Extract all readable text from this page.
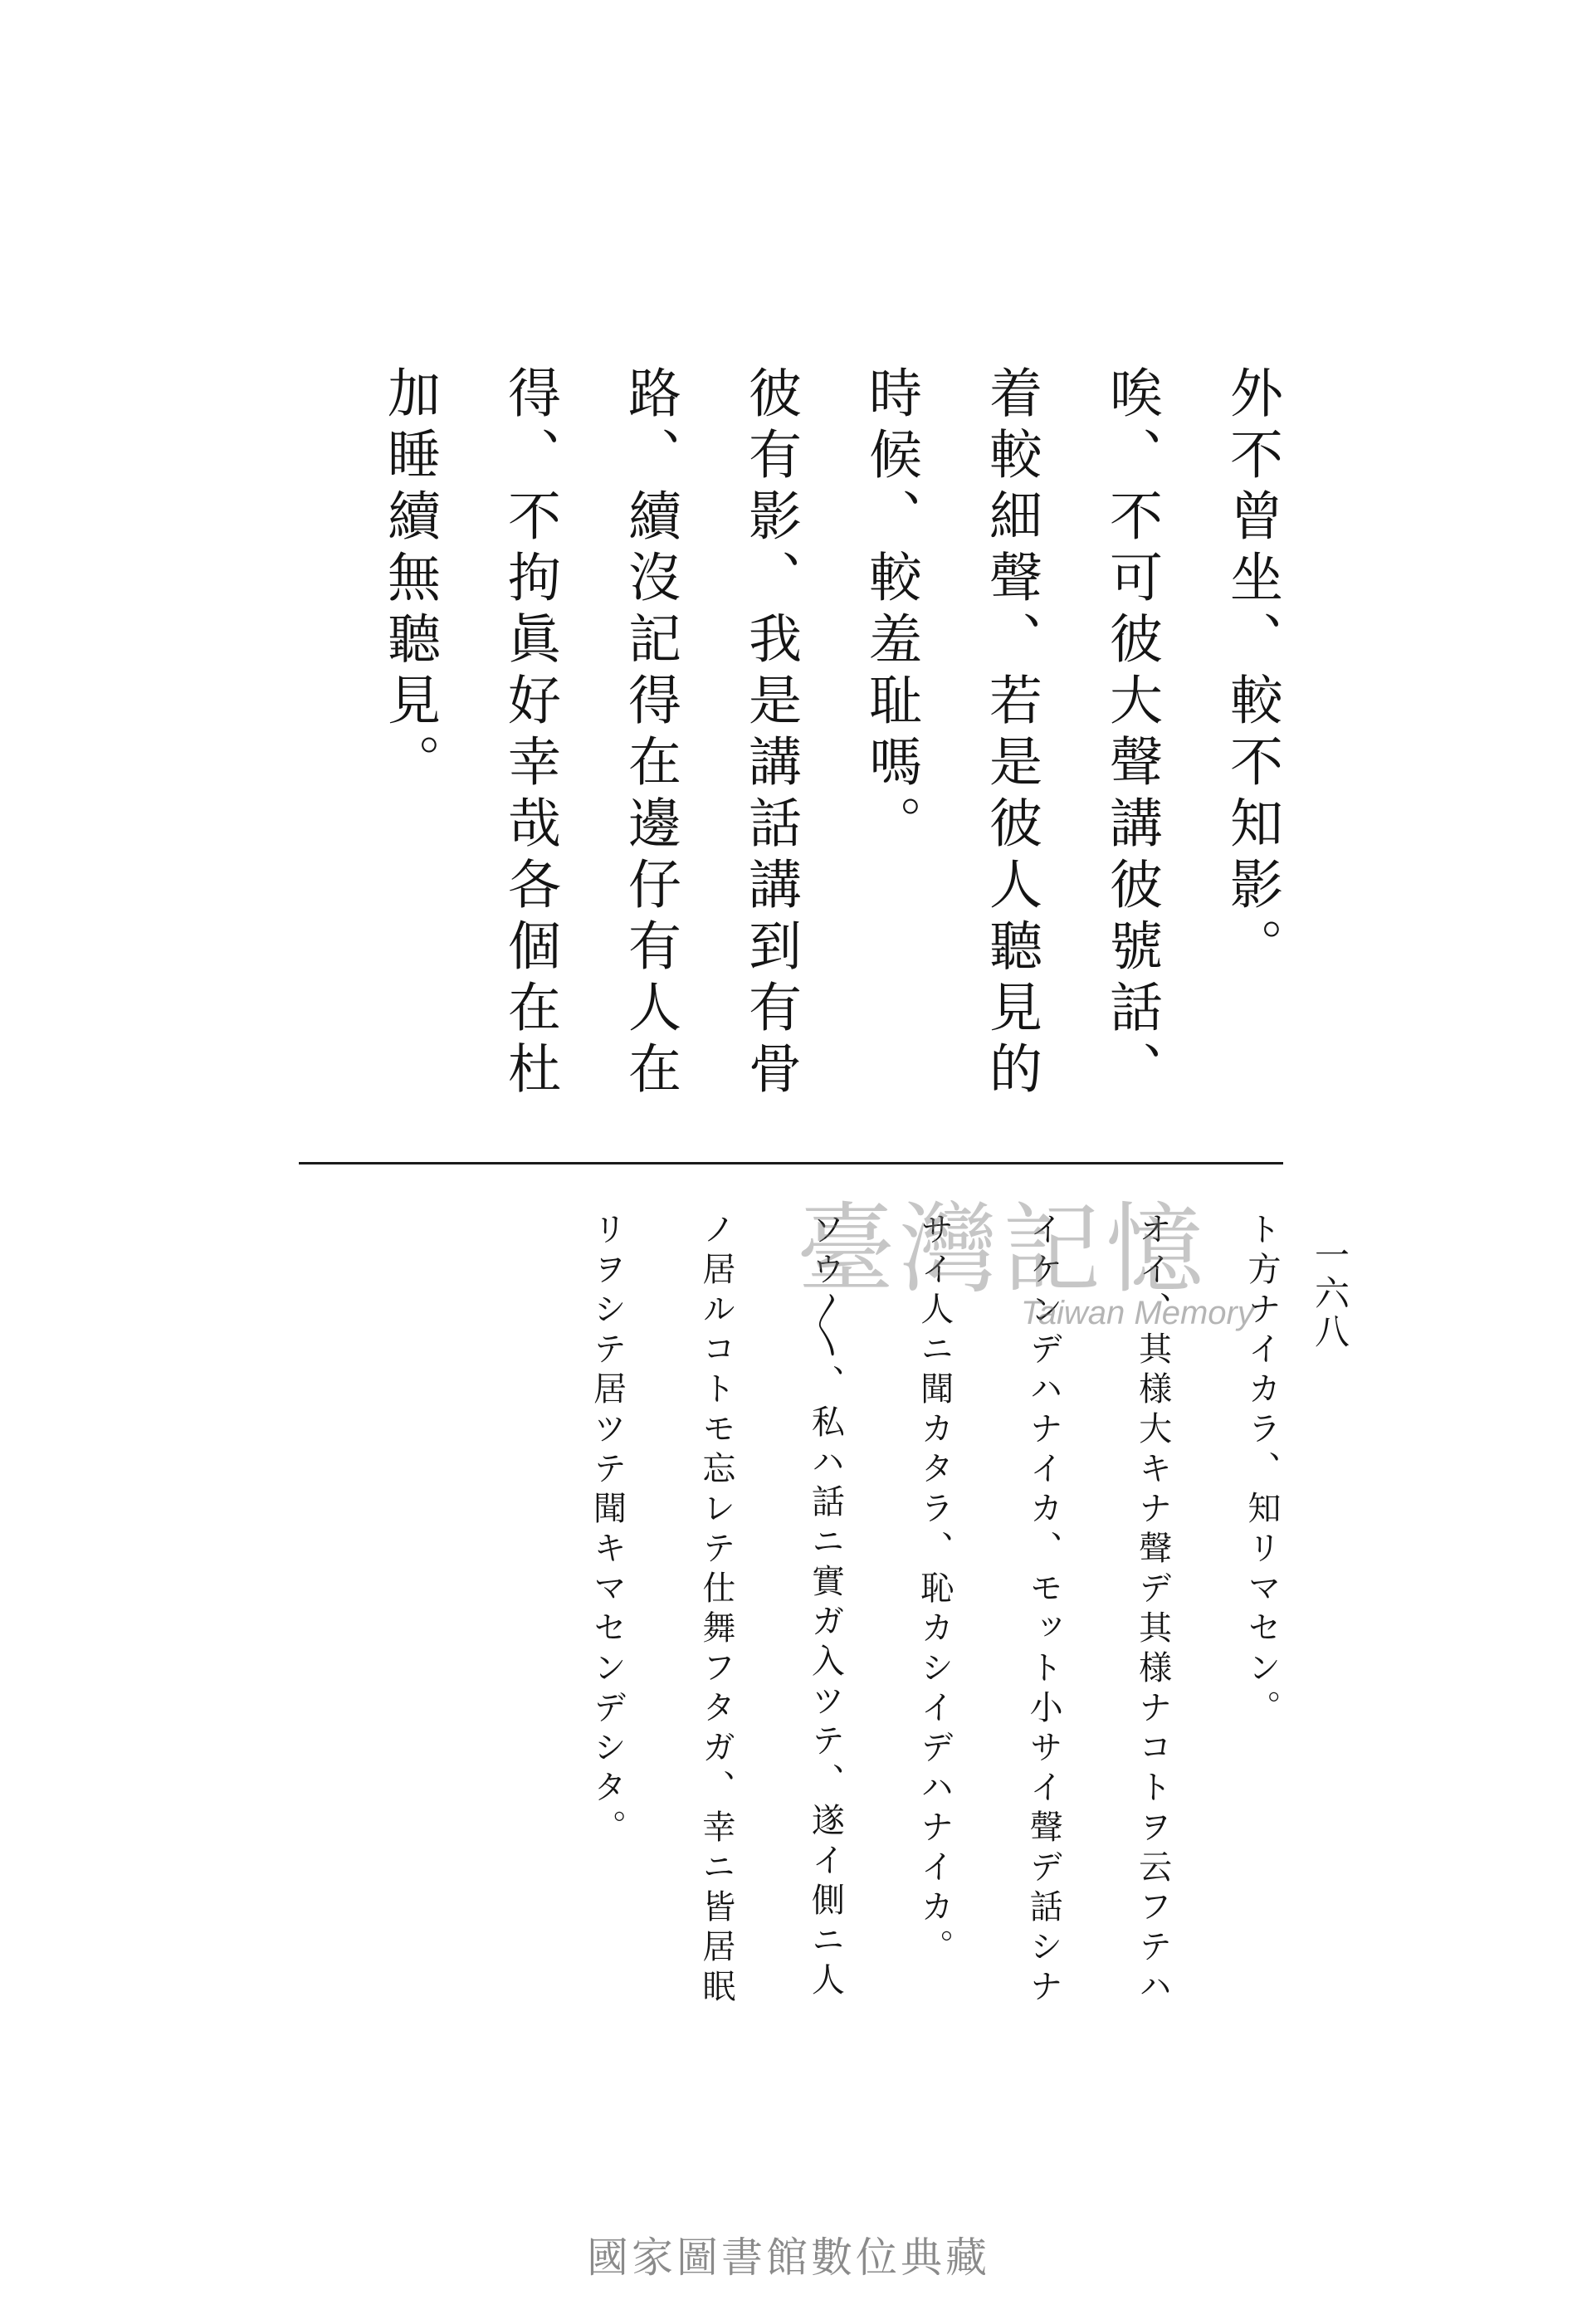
外不曾坐、較不知影。
唉、不可彼大聲講彼號話、
着較細聲、若是彼人聽見的
時候、較羞耻嗎。
彼有影、我是講話講到有骨
路、續沒記得在邊仔有人在
得、不拘眞好幸哉各個在杜
加睡續無聽見。
一六八
ト方ナイカラ、知リマセン。
オイ、其様大キナ聲デ其様ナコトヲ云フテハ
イケンデハナイカ、モット小サイ聲デ話シナ
サイ人ニ聞カタラ、恥カシイデハナイカ。
ソウ〳〵、私ハ話ニ實ガ入ツテ、遂イ側ニ人
ノ居ルコトモ忘レテ仕舞フタガ、幸ニ皆居眠
リヲシテ居ツテ聞キマセンデシタ。 臺灣記憶
Taiwan Memory
國家圖書館數位典藏
